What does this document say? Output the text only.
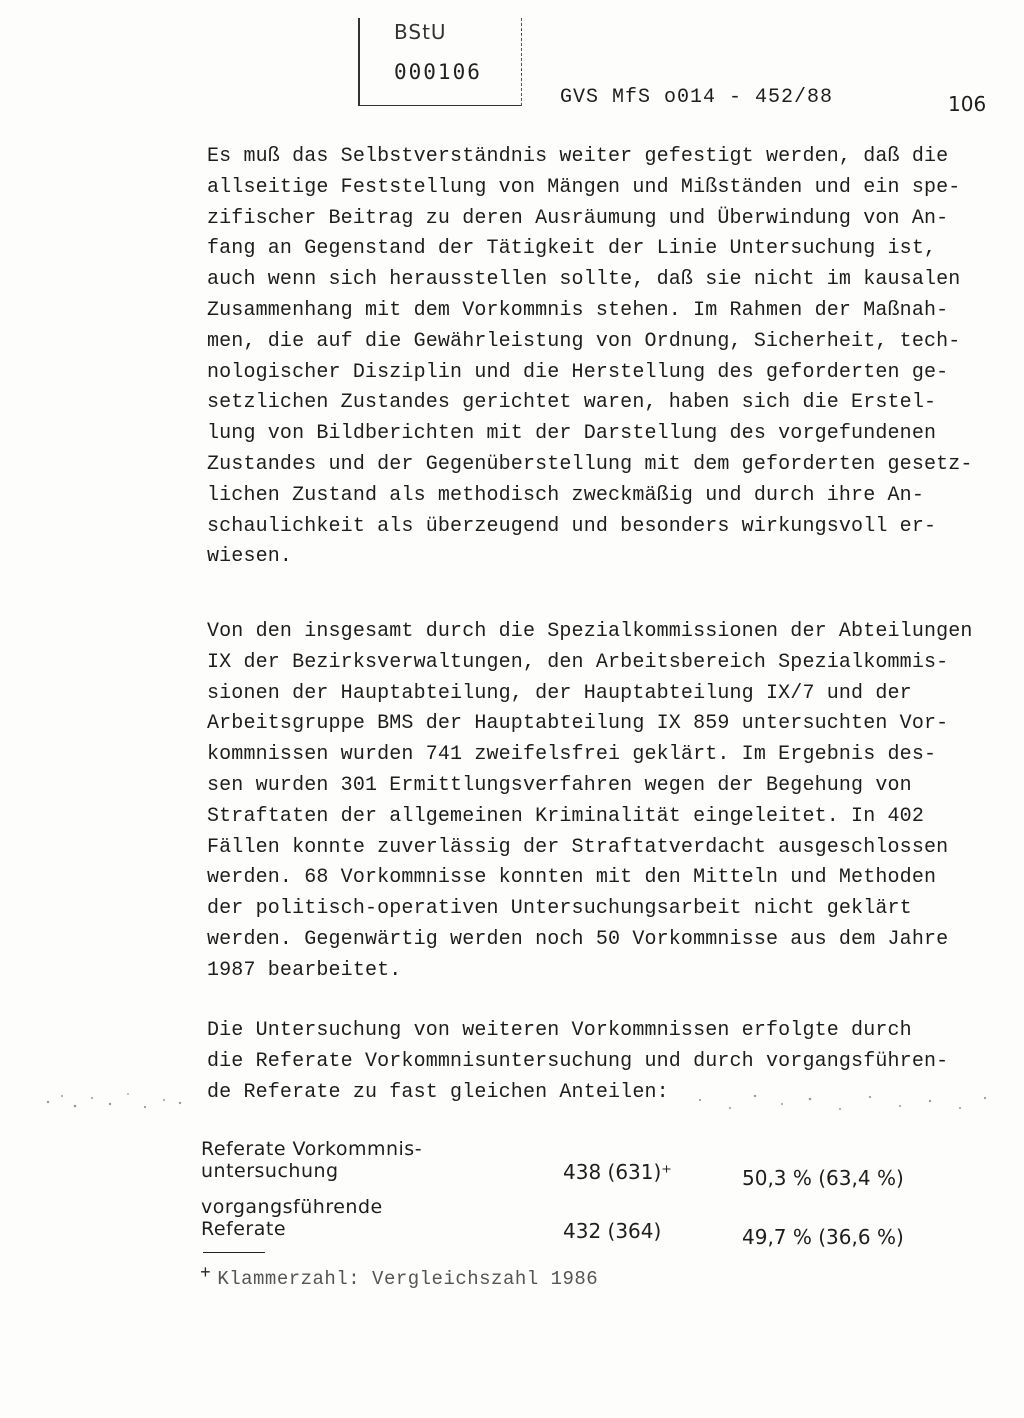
BStU
000106
GVS MfS o014 - 452/88	106
Es muß das Selbstverständnis weiter gefestigt werden, daß die
allseitige Feststellung von Mängen und Mißständen und ein spe-
zifischer Beitrag zu deren Ausräumung und Überwindung von An-
fang an Gegenstand der Tätigkeit der Linie Untersuchung ist,
auch wenn sich herausstellen sollte, daß sie nicht im kausalen
Zusammenhang mit dem Vorkommnis stehen. Im Rahmen der Maßnah-
men, die auf die Gewährleistung von Ordnung, Sicherheit, tech-
nologischer Disziplin und die Herstellung des geforderten ge-
setzlichen Zustandes gerichtet waren, haben sich die Erstel-
lung von Bildberichten mit der Darstellung des vorgefundenen
Zustandes und der Gegenüberstellung mit dem geforderten gesetz-
lichen Zustand als methodisch zweckmäßig und durch ihre An-
schaulichkeit als überzeugend und besonders wirkungsvoll er-
wiesen.
Von den insgesamt durch die Spezialkommissionen der Abteilungen
IX der Bezirksverwaltungen, den Arbeitsbereich Spezialkommis-
sionen der Hauptabteilung, der Hauptabteilung IX/7 und der
Arbeitsgruppe BMS der Hauptabteilung IX 859 untersuchten Vor-
kommnissen wurden 741 zweifelsfrei geklärt. Im Ergebnis des-
sen wurden 301 Ermittlungsverfahren wegen der Begehung von
Straftaten der allgemeinen Kriminalität eingeleitet. In 402
Fällen konnte zuverlässig der Straftatverdacht ausgeschlossen
werden. 68 Vorkommnisse konnten mit den Mitteln und Methoden
der politisch-operativen Untersuchungsarbeit nicht geklärt
werden. Gegenwärtig werden noch 50 Vorkommnisse aus dem Jahre
1987 bearbeitet.
Die Untersuchung von weiteren Vorkommnissen erfolgte durch
die Referate Vorkommnisuntersuchung und durch vorgangsführen-
de Referate zu fast gleichen Anteilen:
Referate Vorkommnis-
untersuchung	438 (631)⁺	50,3 % (63,4 %)
vorgangsführende
Referate	432 (364)	49,7 % (36,6 %)
+ Klammerzahl: Vergleichszahl 1986
